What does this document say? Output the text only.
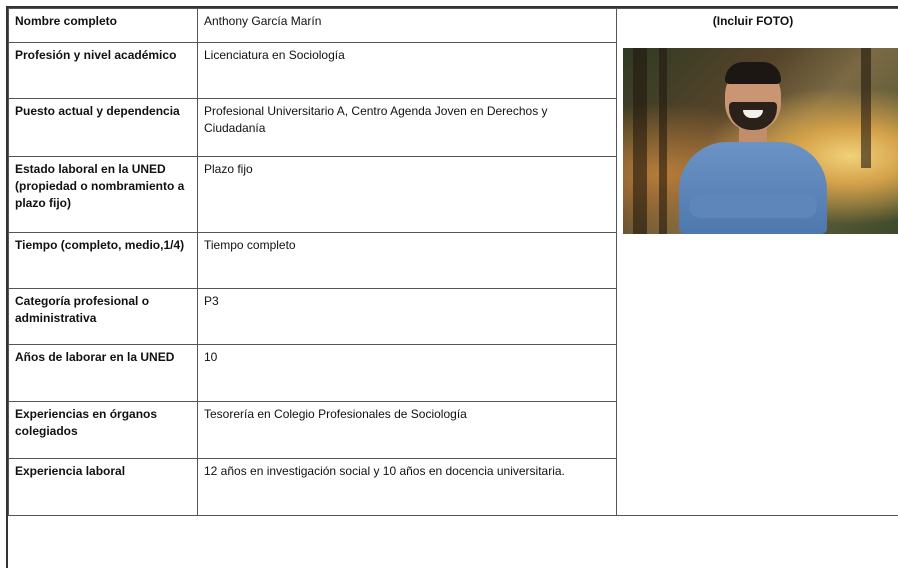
Nombre completo	Anthony García Marín	(Incluir FOTO)

Profesión y nivel académico	Licenciatura en Sociología	
Puesto actual y dependencia	Profesional Universitario A, Centro Agenda Joven en Derechos y Ciudadanía	
Estado laboral en la UNED (propiedad o nombramiento a plazo fijo)	Plazo fijo	
Tiempo (completo, medio,1/4)	Tiempo completo	
Categoría profesional o administrativa	P3	
Años de laborar en la UNED	10	
Experiencias en órganos colegiados	Tesorería en Colegio Profesionales de Sociología	
Experiencia laboral	12 años en investigación social y 10 años en docencia universitaria.	
